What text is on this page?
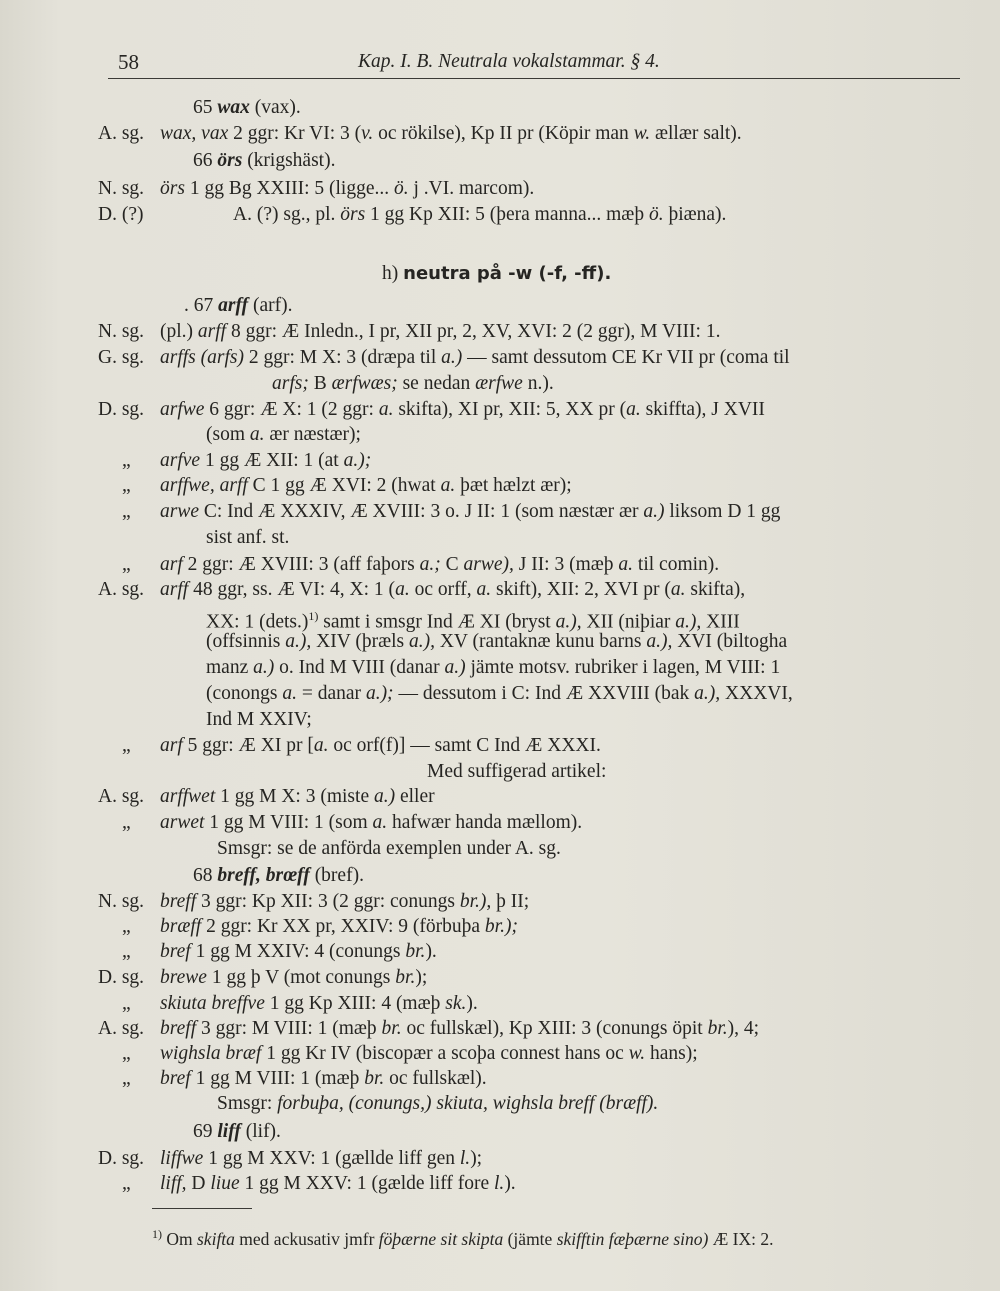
58	Kap. I. B. Neutrala vokalstammar. § 4.
65 wax (vax).
A. sg. wax, vax 2 ggr: Kr VI: 3 (v. oc rökilse), Kp II pr (Köpir man w. ællær salt).
66 örs (krigshäst).
N. sg. örs 1 gg Bg XXIII: 5 (ligge... ö. j .VI. marcom).
D. (?)	A. (?) sg., pl. örs 1 gg Kp XII: 5 (þera manna... mæþ ö. þiæna).
h) neutra på -w (-f, -ff).
. 67 arff (arf).
N. sg. (pl.) arff 8 ggr: Æ Inledn., I pr, XII pr, 2, XV, XVI: 2 (2 ggr), M VIII: 1.
G. sg. arffs (arfs) 2 ggr: M X: 3 (dræpa til a.) — samt dessutom CE Kr VII pr (coma til
arfs; B ærfwæs; se nedan ærfwe n.).
D. sg. arfwe 6 ggr: Æ X: 1 (2 ggr: a. skifta), XI pr, XII: 5, XX pr (a. skiffta), J XVII
(som a. ær næstær);
„ arfve 1 gg Æ XII: 1 (at a.);
„ arffwe, arff C 1 gg Æ XVI: 2 (hwat a. þæt hælzt ær);
„ arwe C: Ind Æ XXXIV, Æ XVIII: 3 o. J II: 1 (som næstær ær a.) liksom D 1 gg
sist anf. st.
„ arf 2 ggr: Æ XVIII: 3 (aff faþors a.; C arwe), J II: 3 (mæþ a. til comin).
A. sg. arff 48 ggr, ss. Æ VI: 4, X: 1 (a. oc orff, a. skift), XII: 2, XVI pr (a. skifta),
XX: 1 $(\det s.)^{1)}$ samt i smsgr Ind Æ XI (bryst a.), XII (niþiar a.), XIII
(offsinnis a.), XIV (þræls a.), XV (rantaknæ kunu barns a.), XVI (biltogha
manz a.) o. Ind M VIII (danar a.) jämte motsv. rubriker i lagen, M VIII: 1
(conongs a. = danar a.); — dessutom i C: Ind Æ XXVIII (bak a.), XXXVI,
Ind M XXIV;
„ arf 5 ggr: Æ XI pr [a. oc orf(f)] — samt C Ind Æ XXXI.
Med suffigerad artikel:
A. sg. arffwet 1 gg M X: 3 (miste a.) eller
„ arwet 1 gg M VIII: 1 (som a. hafwær handa mællom).
Smsgr: se de anförda exemplen under A. sg.
68 breff, brœff (bref).
N. sg. breff 3 ggr: Kp XII: 3 (2 ggr: conungs br.), þ II;
„ bræff 2 ggr: Kr XX pr, XXIV: 9 (förbuþa br.);
„ bref 1 gg M XXIV: 4 (conungs br.).
D. sg. brewe 1 gg þ V (mot conungs br.);
„ skiuta breffve 1 gg Kp XIII: 4 (mæþ sk.).
A. sg. breff 3 ggr: M VIII: 1 (mæþ br. oc fullskæl), Kp XIII: 3 (conungs öpit br.), 4;
„ wighsla bræf 1 gg Kr IV (biscopær a scoþa connest hans oc w. hans);
„ bref 1 gg M VIII: 1 (mæþ br. oc fullskæl).
Smsgr: forbuþa, (conungs,) skiuta, wighsla breff (bræff).
69 liff (lif).
D. sg. liffwe 1 gg M XXV: 1 (gællde liff gen l.);
„ liff, D liue 1 gg M XXV: 1 (gælde liff fore l.).
$^{1)}$ Om skifta med ackusativ jmfr föþærne sit skipta (jämte skifftin fæþærne sino) Æ IX: 2.
